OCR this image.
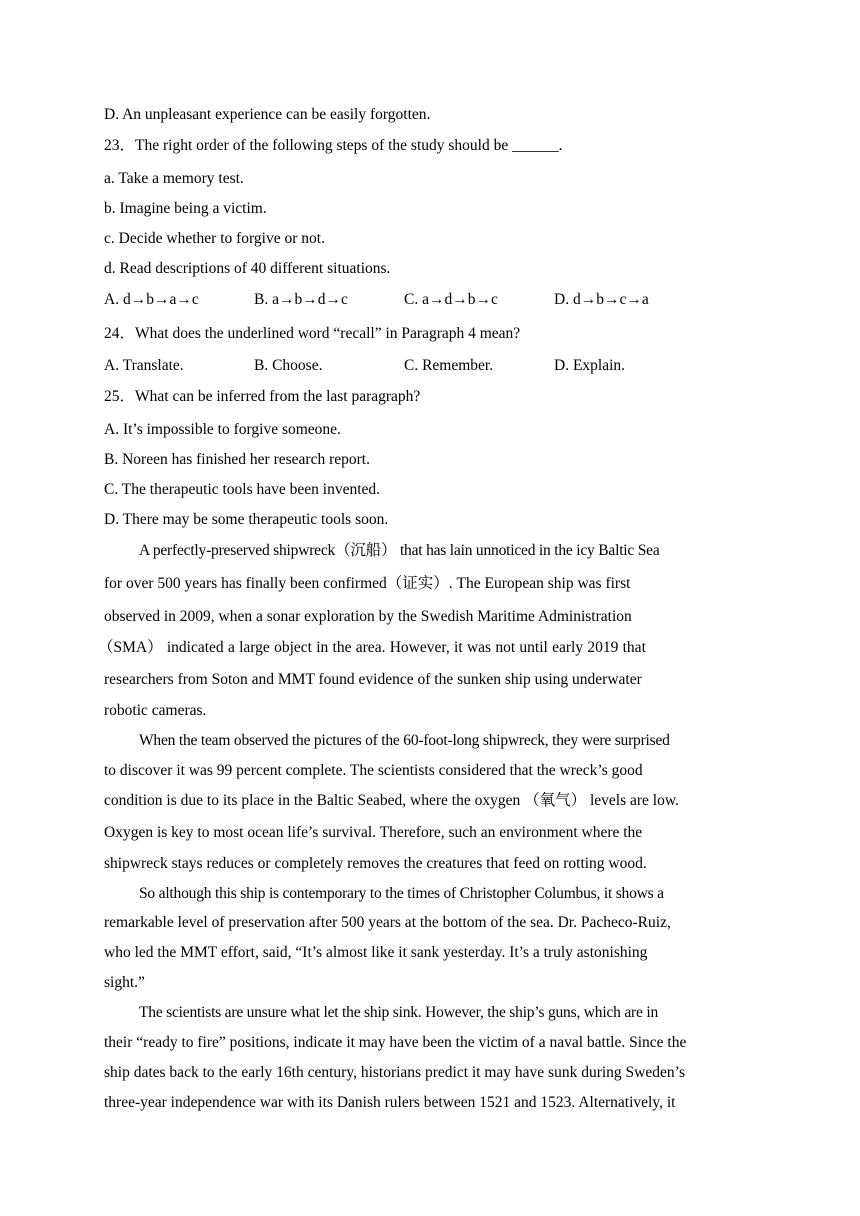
D. An unpleasant experience can be easily forgotten.
23．The right order of the following steps of the study should be ______.
a. Take a memory test.
b. Imagine being a victim.
c. Decide whether to forgive or not.
d. Read descriptions of 40 different situations.
A. d→b→a→c	B. a→b→d→c	C. a→d→b→c	D. d→b→c→a
24．What does the underlined word “recall” in Paragraph 4 mean?
A. Translate.	B. Choose.	C. Remember.	D. Explain.
25．What can be inferred from the last paragraph?
A. It’s impossible to forgive someone.
B. Noreen has finished her research report.
C. The therapeutic tools have been invented.
D. There may be some therapeutic tools soon.
A perfectly-preserved shipwreck（沉船） that has lain unnoticed in the icy Baltic Sea
for over 500 years has finally been confirmed（证实）. The European ship was first
observed in 2009, when a sonar exploration by the Swedish Maritime Administration
（SMA） indicated a large object in the area. However, it was not until early 2019 that
researchers from Soton and MMT found evidence of the sunken ship using underwater
robotic cameras.
When the team observed the pictures of the 60-foot-long shipwreck, they were surprised
to discover it was 99 percent complete. The scientists considered that the wreck’s good
condition is due to its place in the Baltic Seabed, where the oxygen （氧气） levels are low.
Oxygen is key to most ocean life’s survival. Therefore, such an environment where the
shipwreck stays reduces or completely removes the creatures that feed on rotting wood.
So although this ship is contemporary to the times of Christopher Columbus, it shows a
remarkable level of preservation after 500 years at the bottom of the sea. Dr. Pacheco-Ruiz,
who led the MMT effort, said, “It’s almost like it sank yesterday. It’s a truly astonishing
sight.”
The scientists are unsure what let the ship sink. However, the ship’s guns, which are in
their “ready to fire” positions, indicate it may have been the victim of a naval battle. Since the
ship dates back to the early 16th century, historians predict it may have sunk during Sweden’s
three-year independence war with its Danish rulers between 1521 and 1523. Alternatively, it
